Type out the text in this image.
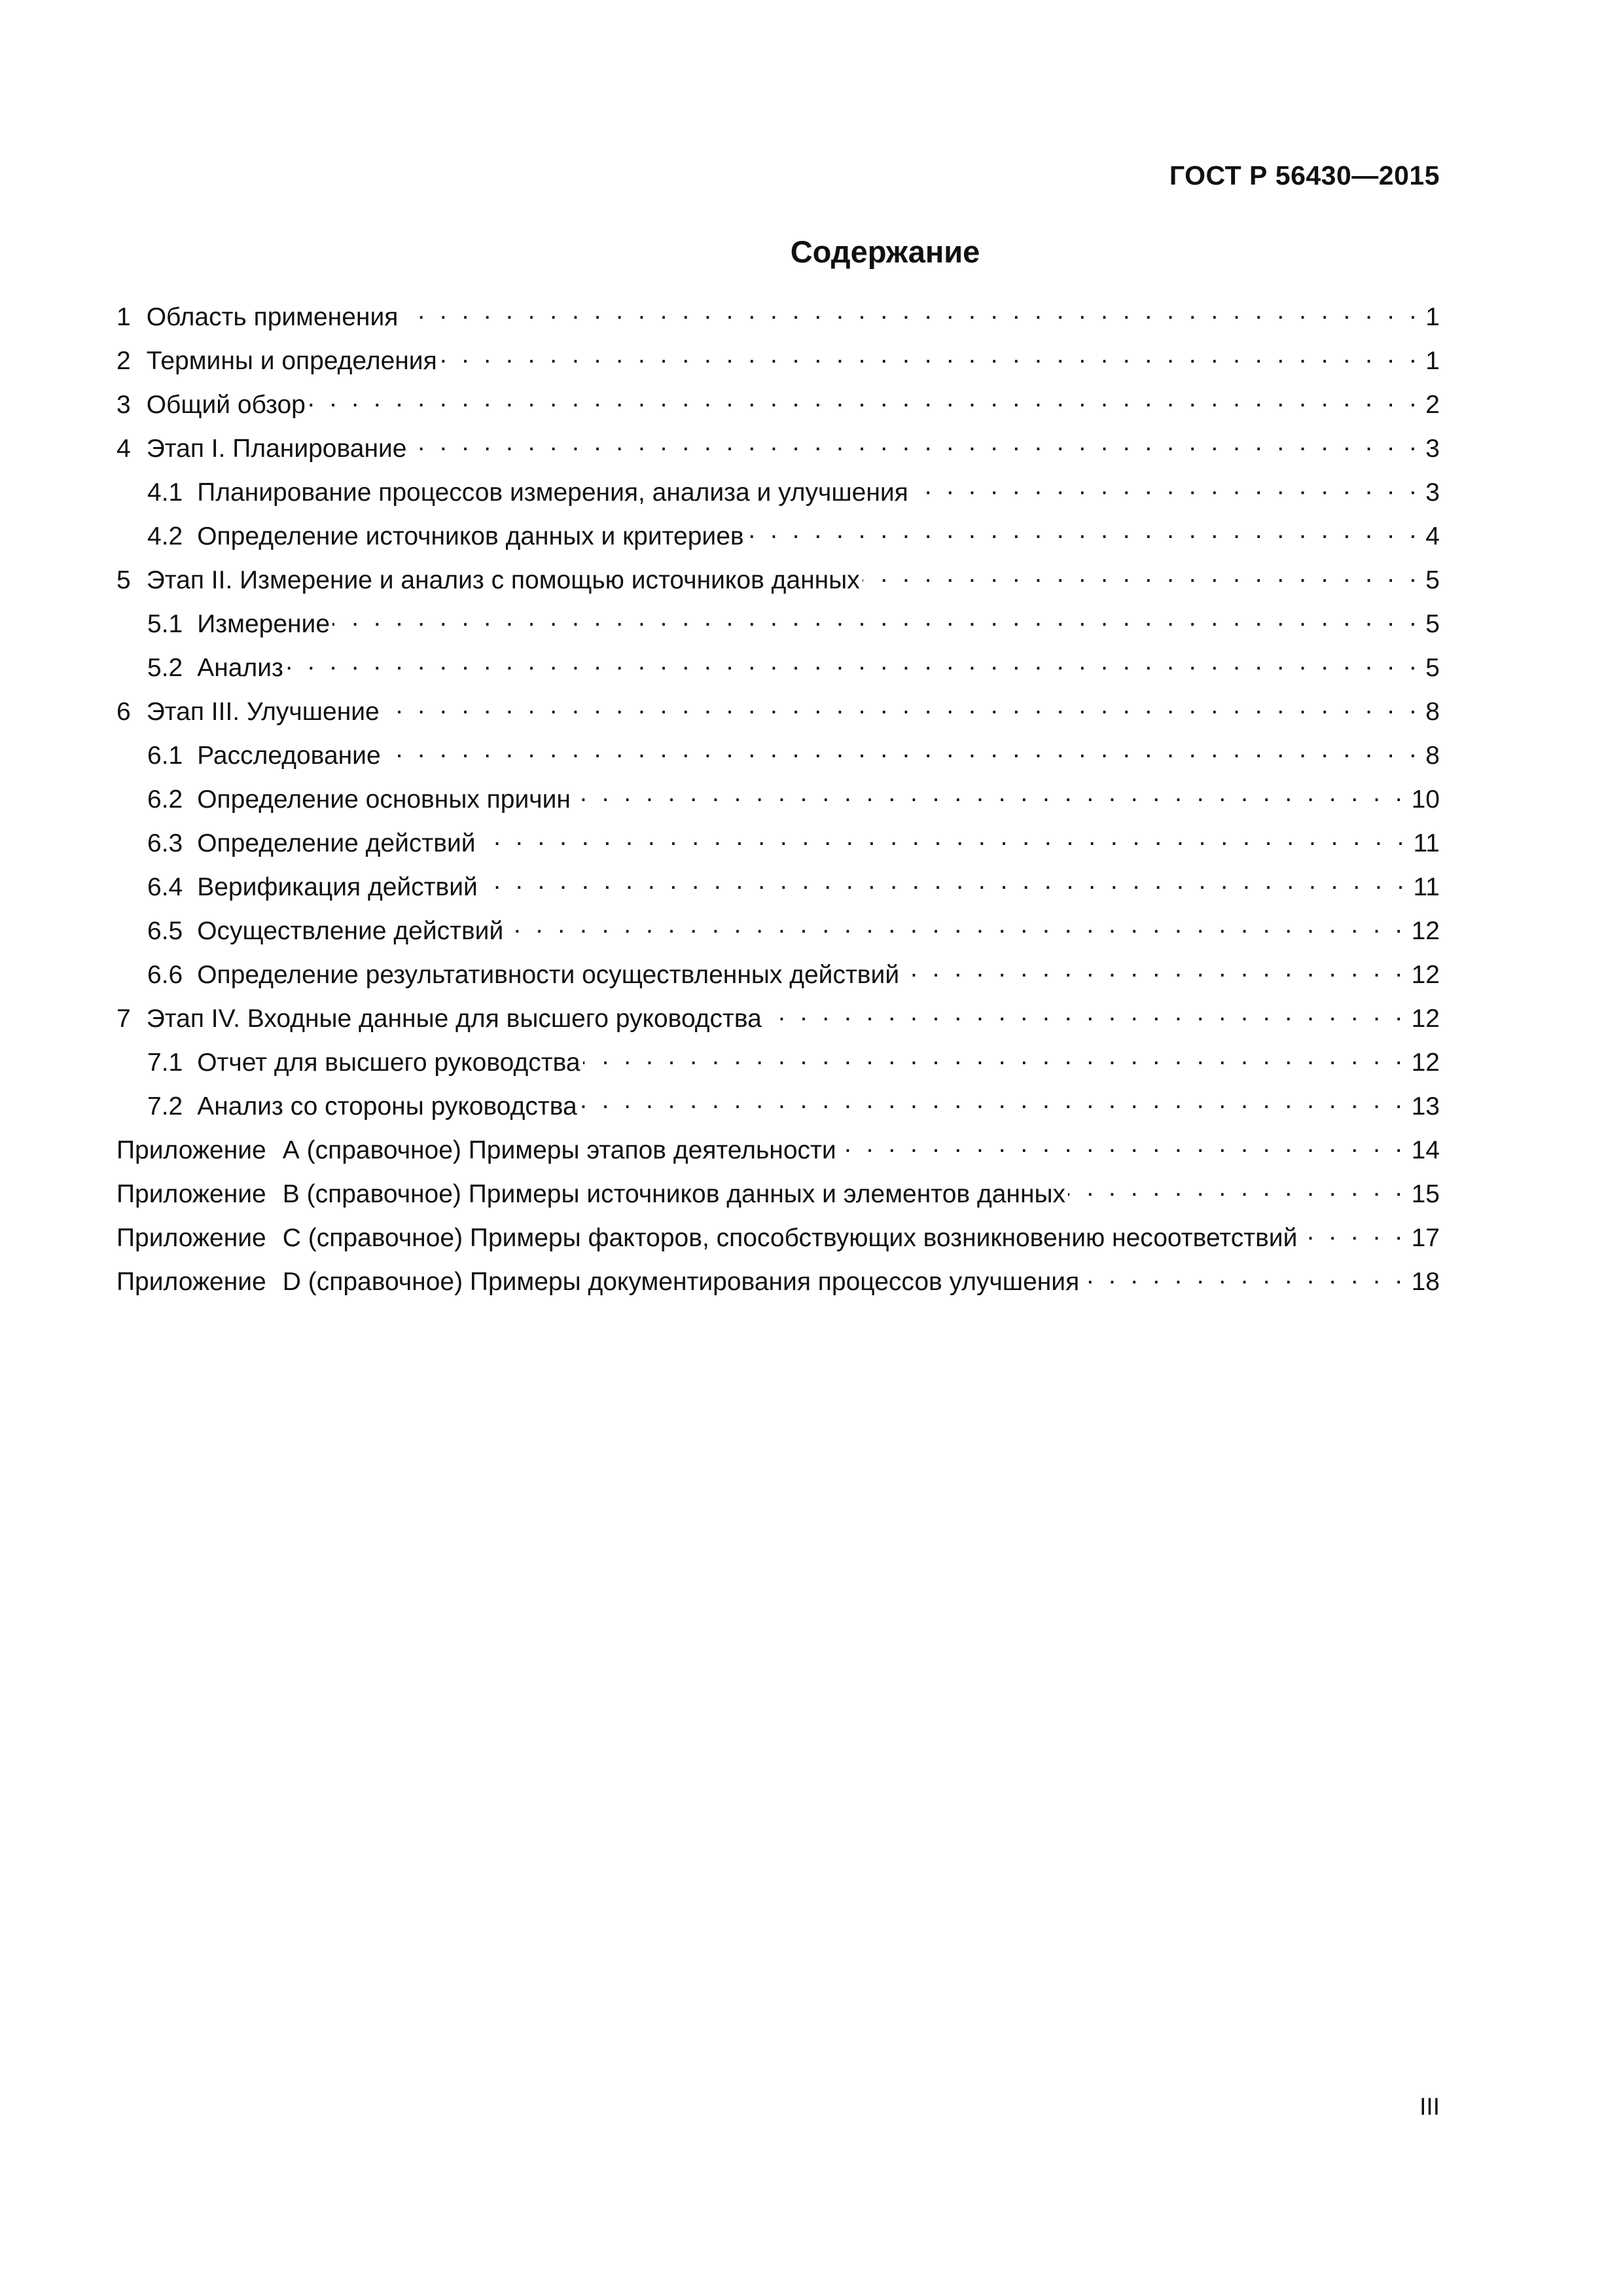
ГОСТ Р 56430—2015
Содержание
1 Область применения . . .	1
2 Термины и определения . . .	1
3 Общий обзор . . .	2
4 Этап I. Планирование . . .	3
4.1 Планирование процессов измерения, анализа и улучшения . . .	3
4.2 Определение источников данных и критериев . . .	4
5 Этап II. Измерение и анализ с помощью источников данных . . .	5
5.1 Измерение . . .	5
5.2 Анализ . . .	5
6 Этап III. Улучшение . . .	8
6.1 Расследование . . .	8
6.2 Определение основных причин . . .	10
6.3 Определение действий . . .	11
6.4 Верификация действий . . .	11
6.5 Осуществление действий . . .	12
6.6 Определение результативности осуществленных действий . . .	12
7 Этап IV. Входные данные для высшего руководства . . .	12
7.1 Отчет для высшего руководства . . .	12
7.2 Анализ со стороны руководства . . .	13
Приложение А (справочное) Примеры этапов деятельности . . .	14
Приложение В (справочное) Примеры источников данных и элементов данных . . .	15
Приложение С (справочное) Примеры факторов, способствующих возникновению несоответствий . . .	17
Приложение D (справочное) Примеры документирования процессов улучшения . . .	18
III
